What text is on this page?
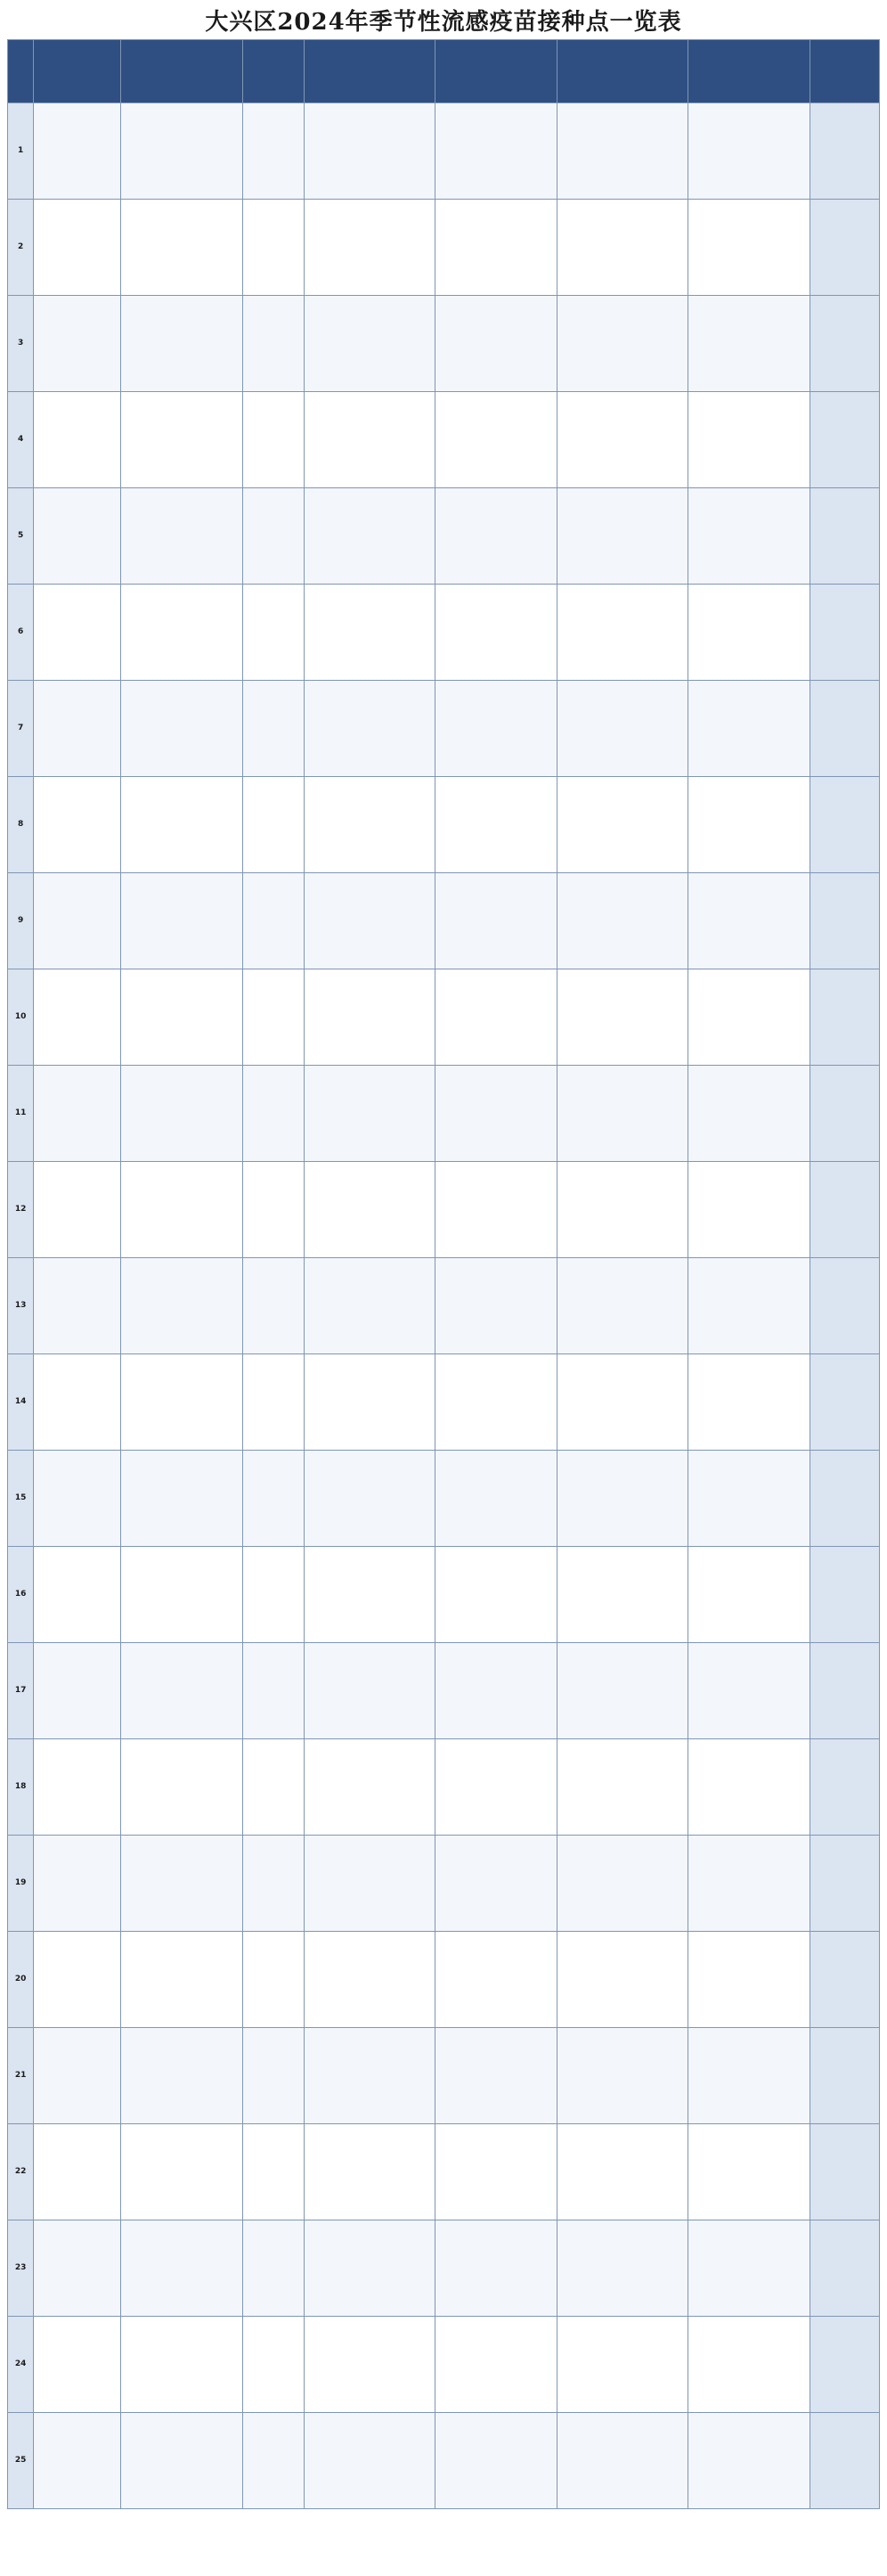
大兴区2024年季节性流感疫苗接种点一览表

1								
2								
3								
4								
5								
6								
7								
8								
9								
10								
11								
12								
13								
14								
15								
16								
17								
18								
19								
20								
21								
22								
23								
24								
25								
